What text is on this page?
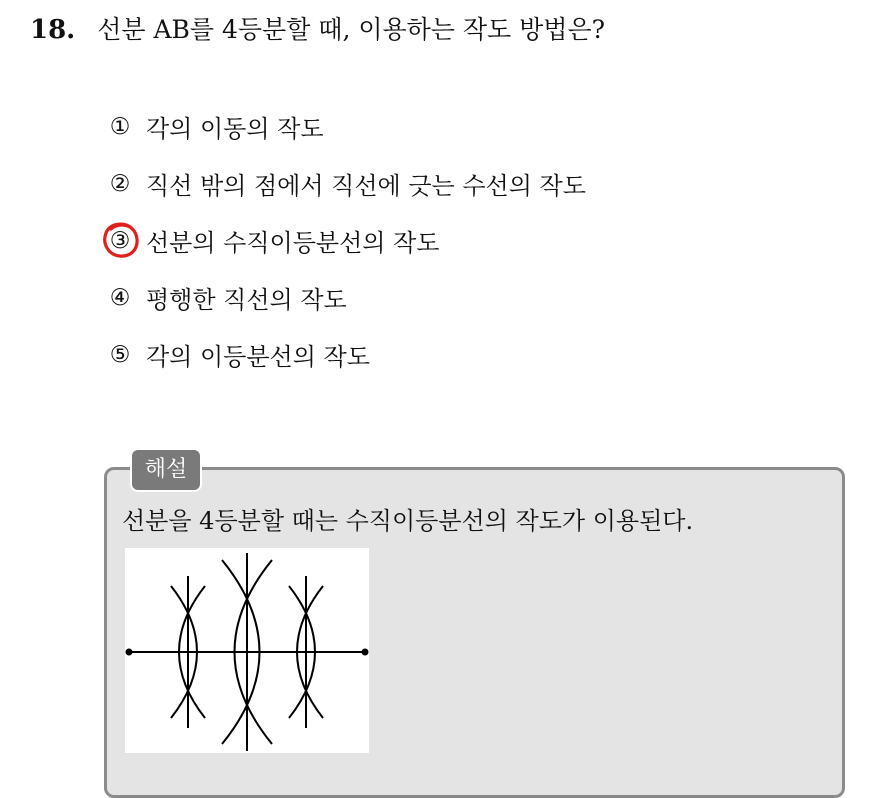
18. 선분 AB를 4등분할 때, 이용하는 작도 방법은?
① 각의 이동의 작도
② 직선 밖의 점에서 직선에 긋는 수선의 작도
③ 선분의 수직이등분선의 작도
④ 평행한 직선의 작도
⑤ 각의 이등분선의 작도
해설
선분을 4등분할 때는 수직이등분선의 작도가 이용된다.
